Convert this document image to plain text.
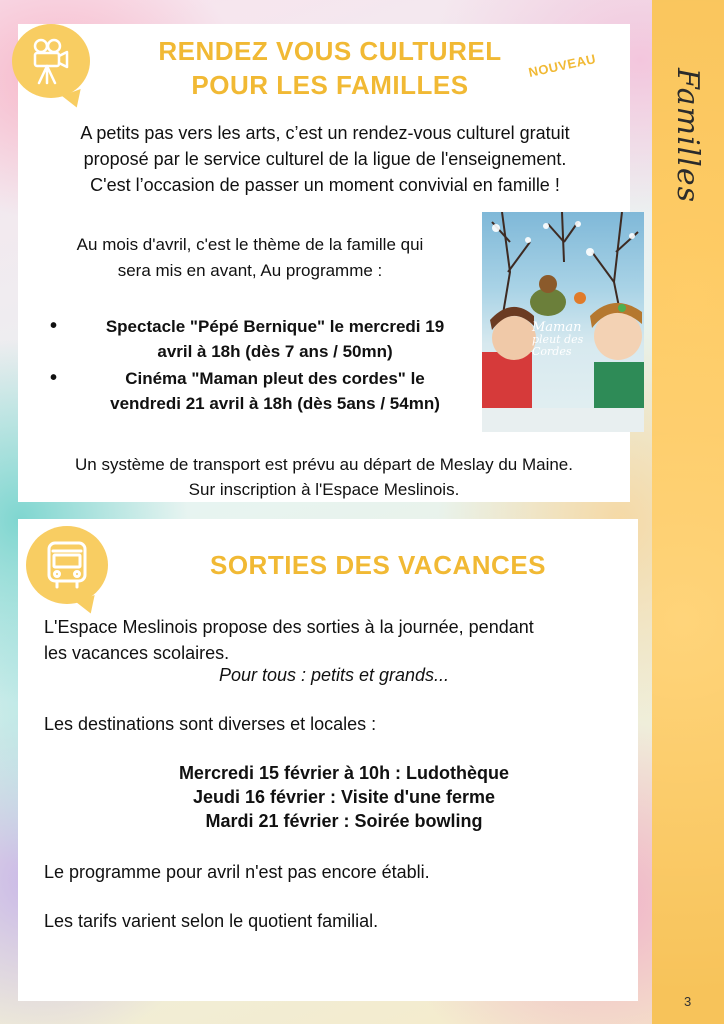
Familles
3
RENDEZ VOUS CULTUREL
POUR LES FAMILLES
NOUVEAU
A petits pas vers les arts, c’est un rendez-vous culturel gratuit
proposé par le service culturel de la ligue de l'enseignement.
C'est l’occasion de passer un moment convivial en famille !
Au mois d'avril, c'est le thème de la famille qui
sera mis en avant, Au programme :
• Spectacle "Pépé Bernique" le mercredi 19
avril à 18h (dès 7 ans / 50mn)
• Cinéma "Maman pleut des cordes" le
vendredi 21 avril à 18h (dès 5ans / 54mn)
Maman
pleut des
Cordes
Un système de transport est prévu au départ de Meslay du Maine.
Sur inscription à l'Espace Meslinois.
SORTIES DES VACANCES
L'Espace Meslinois propose des sorties à la journée, pendant
les vacances scolaires.
Pour tous : petits et grands...
Les destinations sont diverses et locales :
Mercredi 15 février à 10h : Ludothèque
Jeudi 16 février : Visite d'une ferme
Mardi 21 février : Soirée bowling
Le programme pour avril n'est pas encore établi.
Les tarifs varient selon le quotient familial.
